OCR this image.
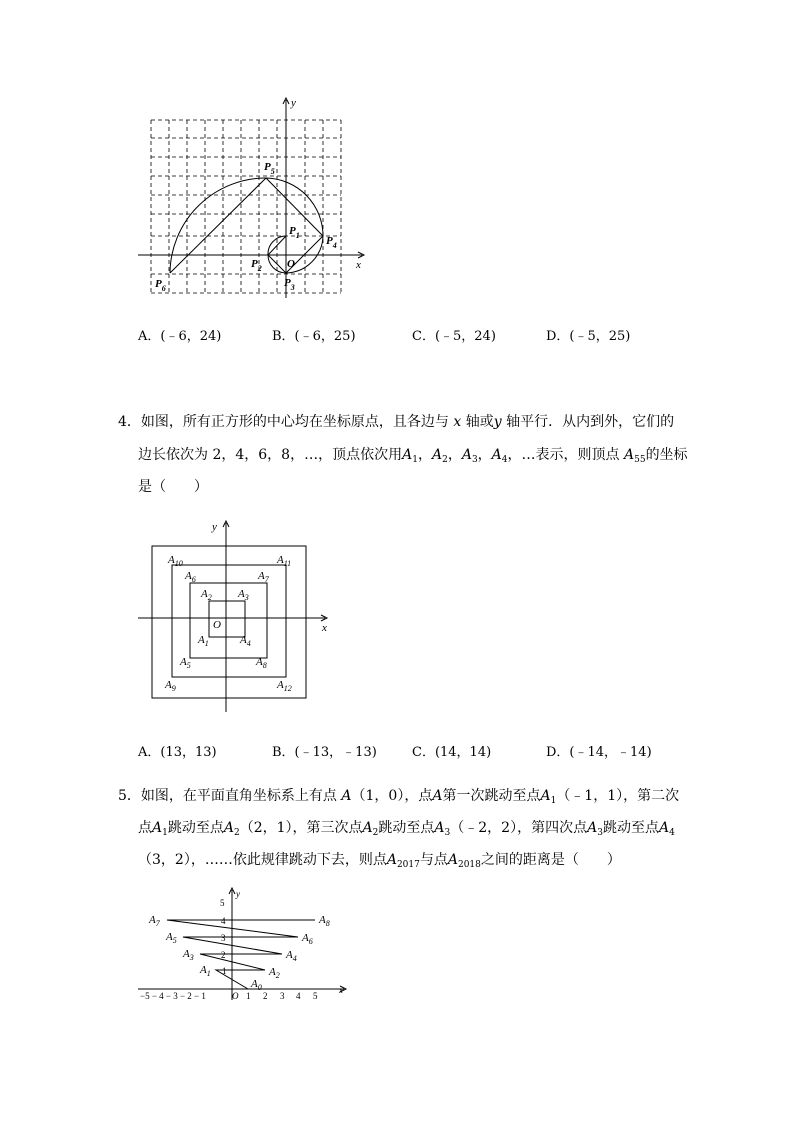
y
x
$P_5$
$P_1$ $P_4$
$P_2$ O
$P_3$
$P_6$
A．(﹣6，24)	B．(﹣6，25)	C．(﹣5，24)	D．(﹣5，25)
4．如图，所有正方形的中心均在坐标原点，且各边与 x 轴或y 轴平行．从内到外，它们的
边长依次为 2，4，6，8，…，顶点依次用$A_1$，$A_2$，$A_3$，$A_4$，…表示，则顶点 $A_{55}$的坐标
是（　　）
y
x
O
$A_{10}$	$A_{11}$
$A_6$	$A_7$
$A_2$ $A_3$
$A_1$	$A_4$
$A_5$	$A_8$
$A_9$	$A_{12}$
A．(13，13)	B．(﹣13，﹣13)	C．(14，14)	D．(﹣14，﹣14)
5．如图，在平面直角坐标系上有点 A（1，0），点A第一次跳动至点$A_1(﹣1$，1），第二次
点$A_1$跳动至点$A_2(2$，1），第三次点$A_2$跳动至点$A_3(﹣2$，2），第四次点$A_3$跳动至点$A_4$
（3，2），……依此规律跳动下去，则点$A_{2017}$与点$A_{2018}$之间的距离是（　　）
y
x
5
4
3
2
1
−5 − 4 − 3 − 2 − 1	O 1 2 3 4 5
$A_7$	$A_8$
$A_5$	$A_6$
$A_3$	$A_4$
$A_1$	$A_2$
$A_0$
